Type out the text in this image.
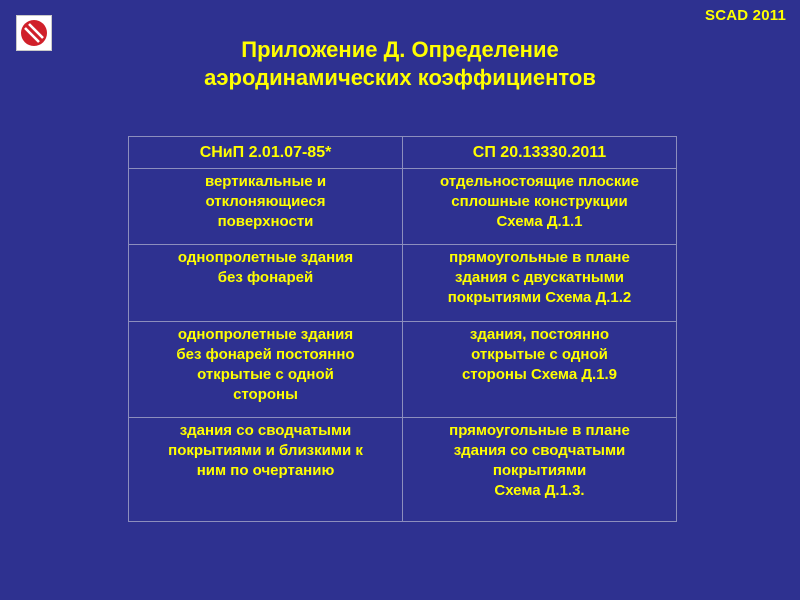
SCAD 2011
Приложение Д. Определение
аэродинамических коэффициентов
СНиП 2.01.07-85*	СП 20.13330.2011

вертикальные и
отклоняющиеся
поверхности	отдельностоящие плоские
сплошные конструкции
Схема Д.1.1

однопролетные здания
без фонарей	прямоугольные в плане
здания с двускатными
покрытиями Схема Д.1.2

однопролетные здания
без фонарей постоянно
открытые с одной
стороны	здания, постоянно
открытые с одной
стороны Схема Д.1.9

здания со сводчатыми
покрытиями и близкими к
ним по очертанию	прямоугольные в плане
здания со сводчатыми
покрытиями
Схема Д.1.3.
